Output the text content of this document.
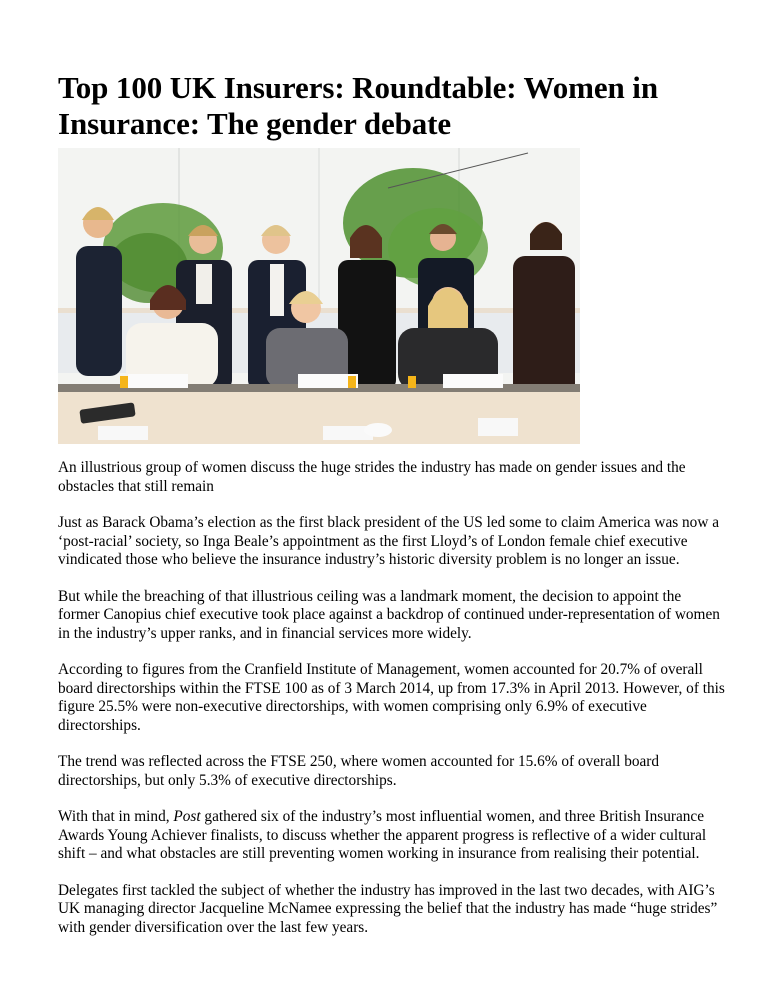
Top 100 UK Insurers: Roundtable: Women in Insurance: The gender debate

An illustrious group of women discuss the huge strides the industry has made on gender issues and the obstacles that still remain

Just as Barack Obama’s election as the first black president of the US led some to claim America was now a ‘post-racial’ society, so Inga Beale’s appointment as the first Lloyd’s of London female chief executive vindicated those who believe the insurance industry’s historic diversity problem is no longer an issue.

But while the breaching of that illustrious ceiling was a landmark moment, the decision to appoint the former Canopius chief executive took place against a backdrop of continued under-representation of women in the industry’s upper ranks, and in financial services more widely.

According to figures from the Cranfield Institute of Management, women accounted for 20.7% of overall board directorships within the FTSE 100 as of 3 March 2014, up from 17.3% in April 2013. However, of this figure 25.5% were non-executive directorships, with women comprising only 6.9% of executive directorships.

The trend was reflected across the FTSE 250, where women accounted for 15.6% of overall board directorships, but only 5.3% of executive directorships.

With that in mind, Post gathered six of the industry’s most influential women, and three British Insurance Awards Young Achiever finalists, to discuss whether the apparent progress is reflective of a wider cultural shift – and what obstacles are still preventing women working in insurance from realising their potential.

Delegates first tackled the subject of whether the industry has improved in the last two decades, with AIG’s UK managing director Jacqueline McNamee expressing the belief that the industry has made “huge strides” with gender diversification over the last few years.
